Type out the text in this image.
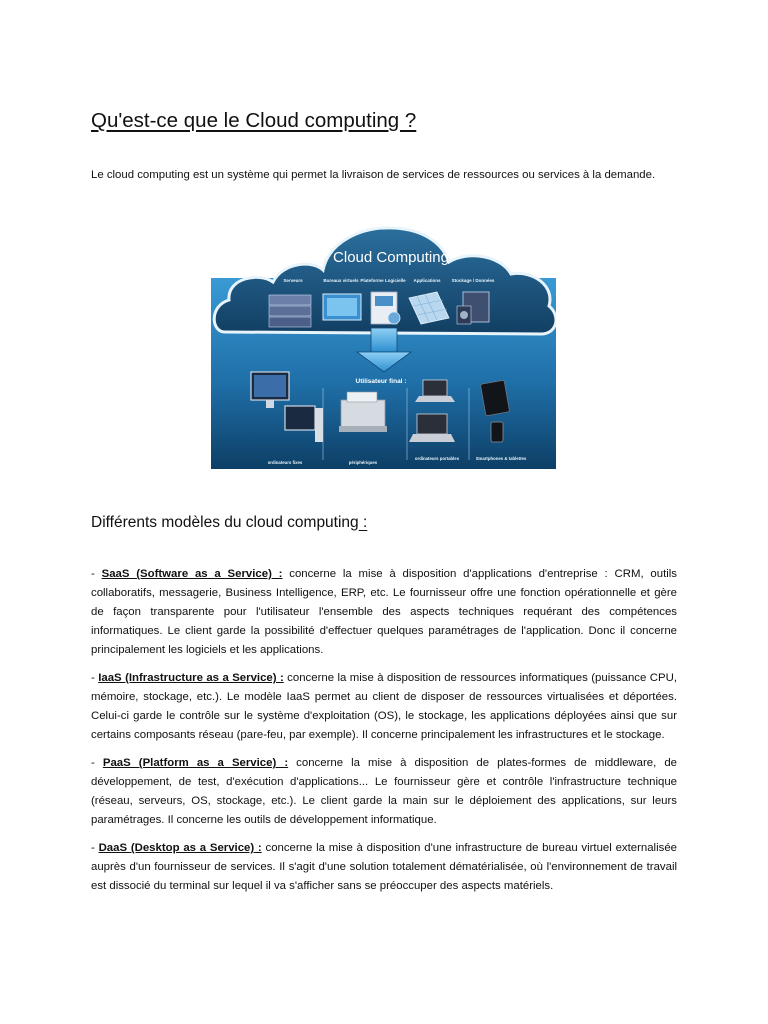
Qu'est-ce que le Cloud computing ?

Le cloud computing est un système qui permet la livraison de services de ressources ou services à la demande.

Cloud Computing
Serveurs	Bureaux virtuels Plateforme Logicielle Applications Stockage / Données
Utilisateur final :
ordinateurs fixes	périphériques
ordinateurs portables	Smartphones & tablettes
Différents modèles du cloud computing :

- SaaS (Software as a Service) : concerne la mise à disposition d'applications d'entreprise : CRM, outils collaboratifs, messagerie, Business Intelligence, ERP, etc. Le fournisseur offre une fonction opérationnelle et gère de façon transparente pour l'utilisateur l'ensemble des aspects techniques requérant des compétences informatiques. Le client garde la possibilité d'effectuer quelques paramétrages de l'application. Donc il concerne principalement les logiciels et les applications.

- IaaS (Infrastructure as a Service) : concerne la mise à disposition de ressources informatiques (puissance CPU, mémoire, stockage, etc.). Le modèle IaaS permet au client de disposer de ressources virtualisées et déportées. Celui-ci garde le contrôle sur le système d'exploitation (OS), le stockage, les applications déployées ainsi que sur certains composants réseau (pare-feu, par exemple). Il concerne principalement les infrastructures et le stockage.

- PaaS (Platform as a Service) : concerne la mise à disposition de plates-formes de middleware, de développement, de test, d'exécution d'applications... Le fournisseur gère et contrôle l'infrastructure technique (réseau, serveurs, OS, stockage, etc.). Le client garde la main sur le déploiement des applications, sur leurs paramétrages. Il concerne les outils de développement informatique.

- DaaS (Desktop as a Service) : concerne la mise à disposition d'une infrastructure de bureau virtuel externalisée auprès d'un fournisseur de services. Il s'agit d'une solution totalement dématérialisée, où l'environnement de travail est dissocié du terminal sur lequel il va s'afficher sans se préoccuper des aspects matériels.
